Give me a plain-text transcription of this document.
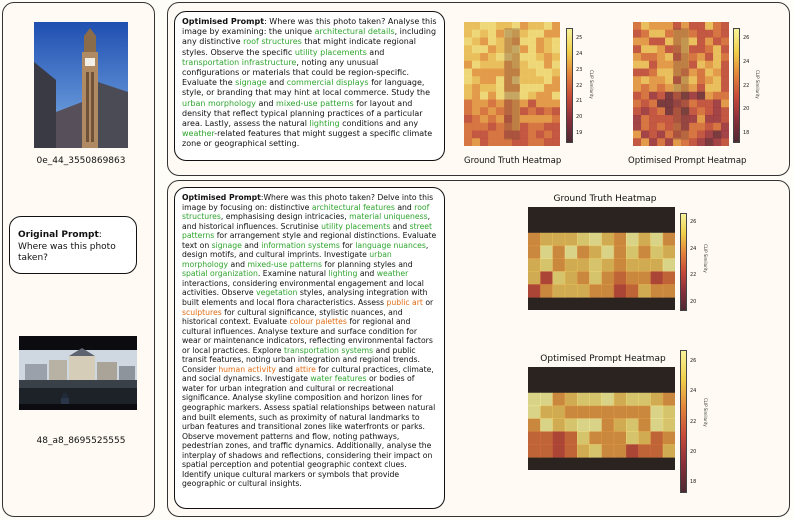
0e_44_3550869863
Original Prompt: Where was this photo taken?
48_a8_8695525555
Optimised Prompt: Where was this photo taken? Analyse this image by examining: the unique architectural details, including any distinctive roof structures that might indicate regional styles. Observe the specific utility placements and transportation infrastructure, noting any unusual configurations or materials that could be region-specific. Evaluate the signage and commercial displays for language, style, or branding that may hint at local commerce. Study the urban morphology and mixed-use patterns for layout and density that reflect typical planning practices of a particular area. Lastly, assess the natural lighting conditions and any weather-related features that might suggest a specific climate zone or geographical setting.
25
24
23
22
21
20
19
CLIP Similarity
Ground Truth Heatmap
26
24
22
20
18
CLIP Similarity
Optimised Prompt Heatmap
Optimised Prompt:Where was this photo taken? Delve into this image by focusing on: distinctive architectural features and roof structures, emphasising design intricacies, material uniqueness, and historical influences. Scrutinise utility placements and street patterns for arrangement style and regional distinctions. Evaluate text on signage and information systems for language nuances, design motifs, and cultural imprints. Investigate urban morphology and mixed-use patterns for planning styles and spatial organization. Examine natural lighting and weather interactions, considering environmental engagement and local activities. Observe vegetation styles, analysing integration with built elements and local flora characteristics. Assess public art or sculptures for cultural significance, stylistic nuances, and historical context. Evaluate colour palettes for regional and cultural influences. Analyse texture and surface condition for wear or maintenance indicators, reflecting environmental factors or local practices. Explore transportation systems and public transit features, noting urban integration and regional trends. Consider human activity and attire for cultural practices, climate, and social dynamics. Investigate water features or bodies of water for urban integration and cultural or recreational significance. Analyse skyline composition and horizon lines for geographic markers. Assess spatial relationships between natural and built elements, such as proximity of natural landmarks to urban features and transitional zones like waterfronts or parks. Observe movement patterns and flow, noting pathways, pedestrian zones, and traffic dynamics. Additionally, analyse the interplay of shadows and reflections, considering their impact on spatial perception and potential geographic context clues. Identify unique cultural markers or symbols that provide geographic or cultural insights.
Ground Truth Heatmap
26
24
22
20
CLIP Similarity
Optimised Prompt Heatmap	26
24
22
20
18
CLIP Similarity
